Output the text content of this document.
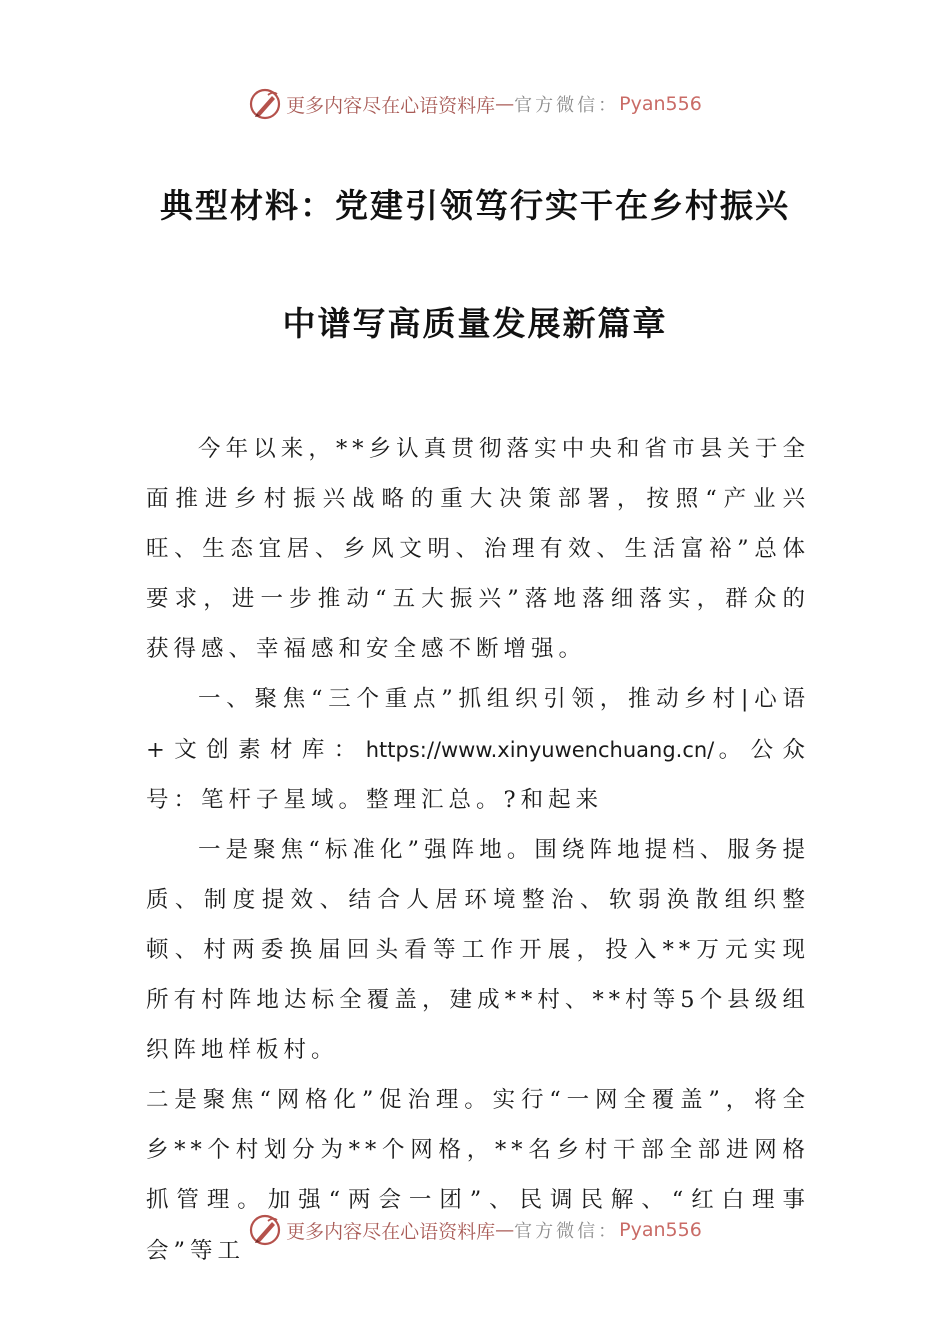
更多内容尽在心语资料库 — 官方微信： Pyan556
典型材料：党建引领笃行实干在乡村振兴
中谱写高质量发展新篇章

今年以来，**乡认真贯彻落实中央和省市县关于全面推进乡村振兴战略的重大决策部署，按照“产业兴旺、生态宜居、乡风文明、治理有效、生活富裕”总体要求，进一步推动“五大振兴”落地落细落实，群众的获得感、幸福感和安全感不断增强。

一、聚焦“三个重点”抓组织引领，推动乡村|心语+文创素材库：https://www.xinyuwenchuang.cn/。公众号：笔杆子星域。整理汇总。?和起来

一是聚焦“标准化”强阵地。围绕阵地提档、服务提质、制度提效、结合人居环境整治、软弱涣散组织整顿、村两委换届回头看等工作开展，投入**万元实现所有村阵地达标全覆盖，建成**村、**村等5个县级组织阵地样板村。

二是聚焦“网格化”促治理。实行“一网全覆盖”，将全乡**个村划分为**个网格，**名乡村干部全部进网格抓管理。加强“两会一团”、民调民解、“红白理事会”等工

更多内容尽在心语资料库 — 官方微信： Pyan556
